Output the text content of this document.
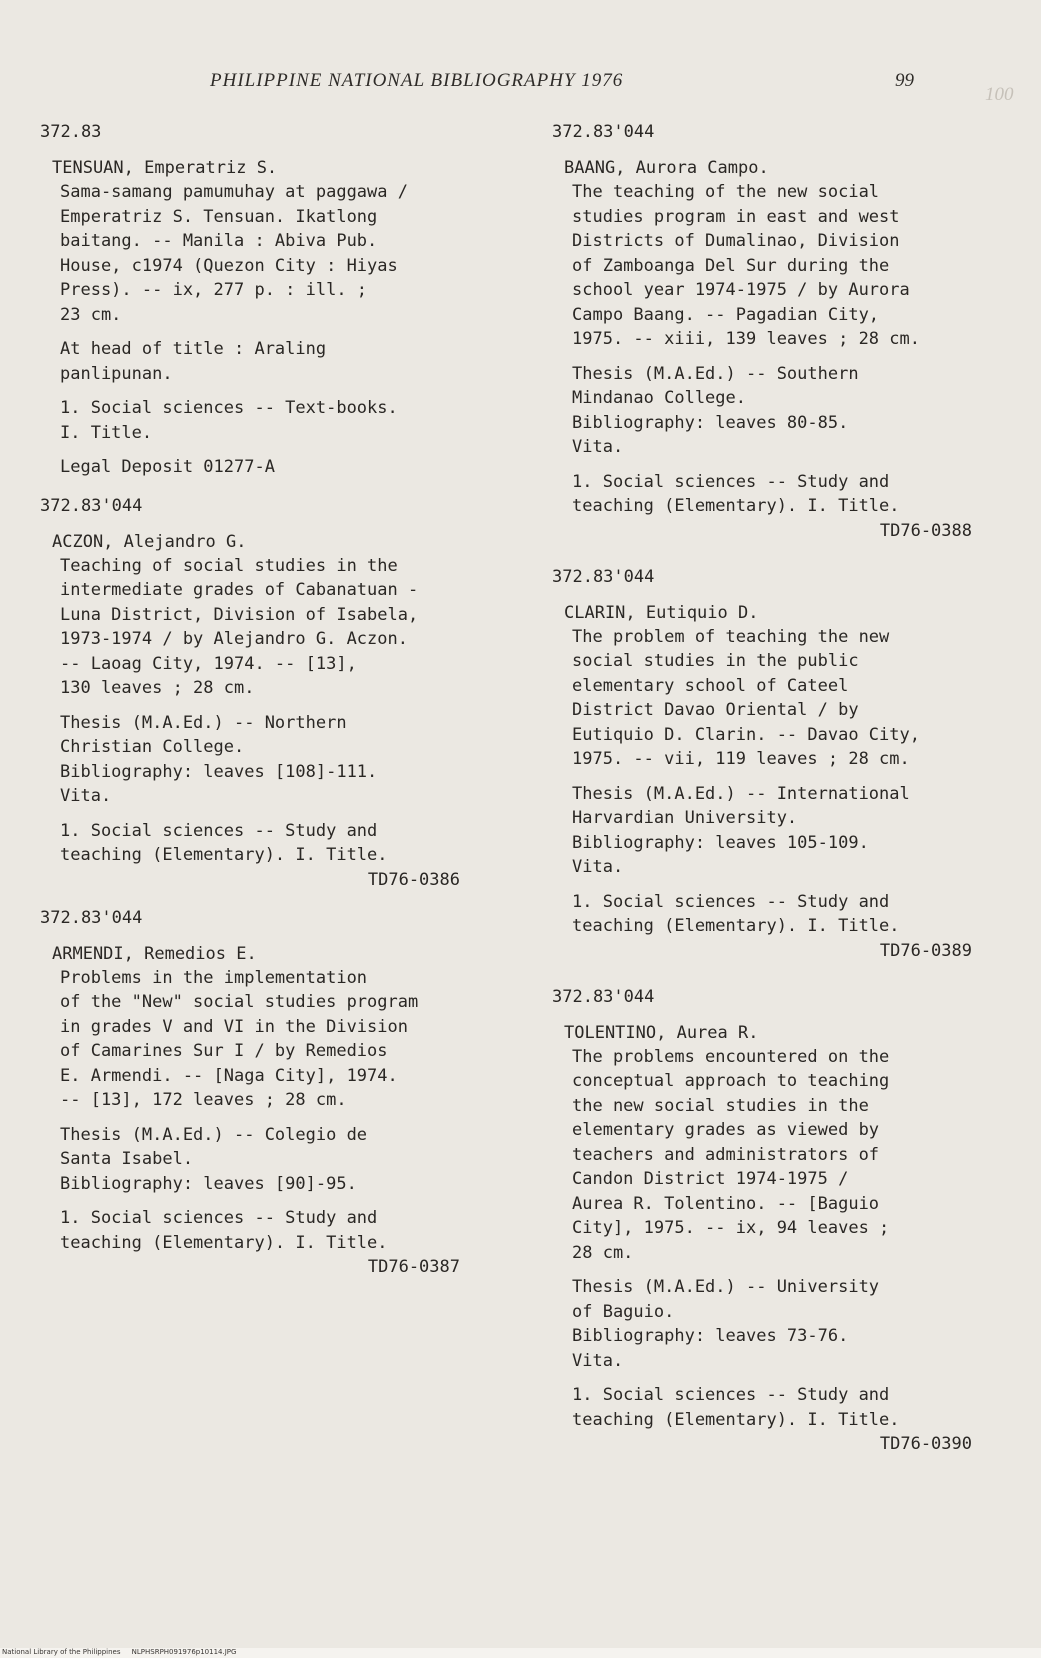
PHILIPPINE NATIONAL BIBLIOGRAPHY 1976	99
100
372.83
TENSUAN, Emperatriz S.
Sama-samang pamumuhay at paggawa /
Emperatriz S. Tensuan. Ikatlong
baitang. -- Manila : Abiva Pub.
House, c1974 (Quezon City : Hiyas
Press). -- ix, 277 p. : ill. ;
23 cm.
At head of title : Araling
panlipunan.
1. Social sciences -- Text-books.
I. Title.
Legal Deposit 01277-A
372.83'044
ACZON, Alejandro G.
Teaching of social studies in the
intermediate grades of Cabanatuan -
Luna District, Division of Isabela,
1973-1974 / by Alejandro G. Aczon.
-- Laoag City, 1974. -- [13],
130 leaves ; 28 cm.
Thesis (M.A.Ed.) -- Northern
Christian College.
Bibliography: leaves [108]-111.
Vita.
1. Social sciences -- Study and
teaching (Elementary). I. Title.
TD76-0386
372.83'044
ARMENDI, Remedios E.
Problems in the implementation
of the "New" social studies program
in grades V and VI in the Division
of Camarines Sur I / by Remedios
E. Armendi. -- [Naga City], 1974.
-- [13], 172 leaves ; 28 cm.
Thesis (M.A.Ed.) -- Colegio de
Santa Isabel.
Bibliography: leaves [90]-95.
1. Social sciences -- Study and
teaching (Elementary). I. Title.
TD76-0387
372.83'044
BAANG, Aurora Campo.
The teaching of the new social
studies program in east and west
Districts of Dumalinao, Division
of Zamboanga Del Sur during the
school year 1974-1975 / by Aurora
Campo Baang. -- Pagadian City,
1975. -- xiii, 139 leaves ; 28 cm.
Thesis (M.A.Ed.) -- Southern
Mindanao College.
Bibliography: leaves 80-85.
Vita.
1. Social sciences -- Study and
teaching (Elementary). I. Title.
TD76-0388
372.83'044
CLARIN, Eutiquio D.
The problem of teaching the new
social studies in the public
elementary school of Cateel
District Davao Oriental / by
Eutiquio D. Clarin. -- Davao City,
1975. -- vii, 119 leaves ; 28 cm.
Thesis (M.A.Ed.) -- International
Harvardian University.
Bibliography: leaves 105-109.
Vita.
1. Social sciences -- Study and
teaching (Elementary). I. Title.
TD76-0389
372.83'044
TOLENTINO, Aurea R.
The problems encountered on the
conceptual approach to teaching
the new social studies in the
elementary grades as viewed by
teachers and administrators of
Candon District 1974-1975 /
Aurea R. Tolentino. -- [Baguio
City], 1975. -- ix, 94 leaves ;
28 cm.
Thesis (M.A.Ed.) -- University
of Baguio.
Bibliography: leaves 73-76.
Vita.
1. Social sciences -- Study and
teaching (Elementary). I. Title.
TD76-0390
National Library of the Philippines NLPHSRPH091976p10114.JPG
